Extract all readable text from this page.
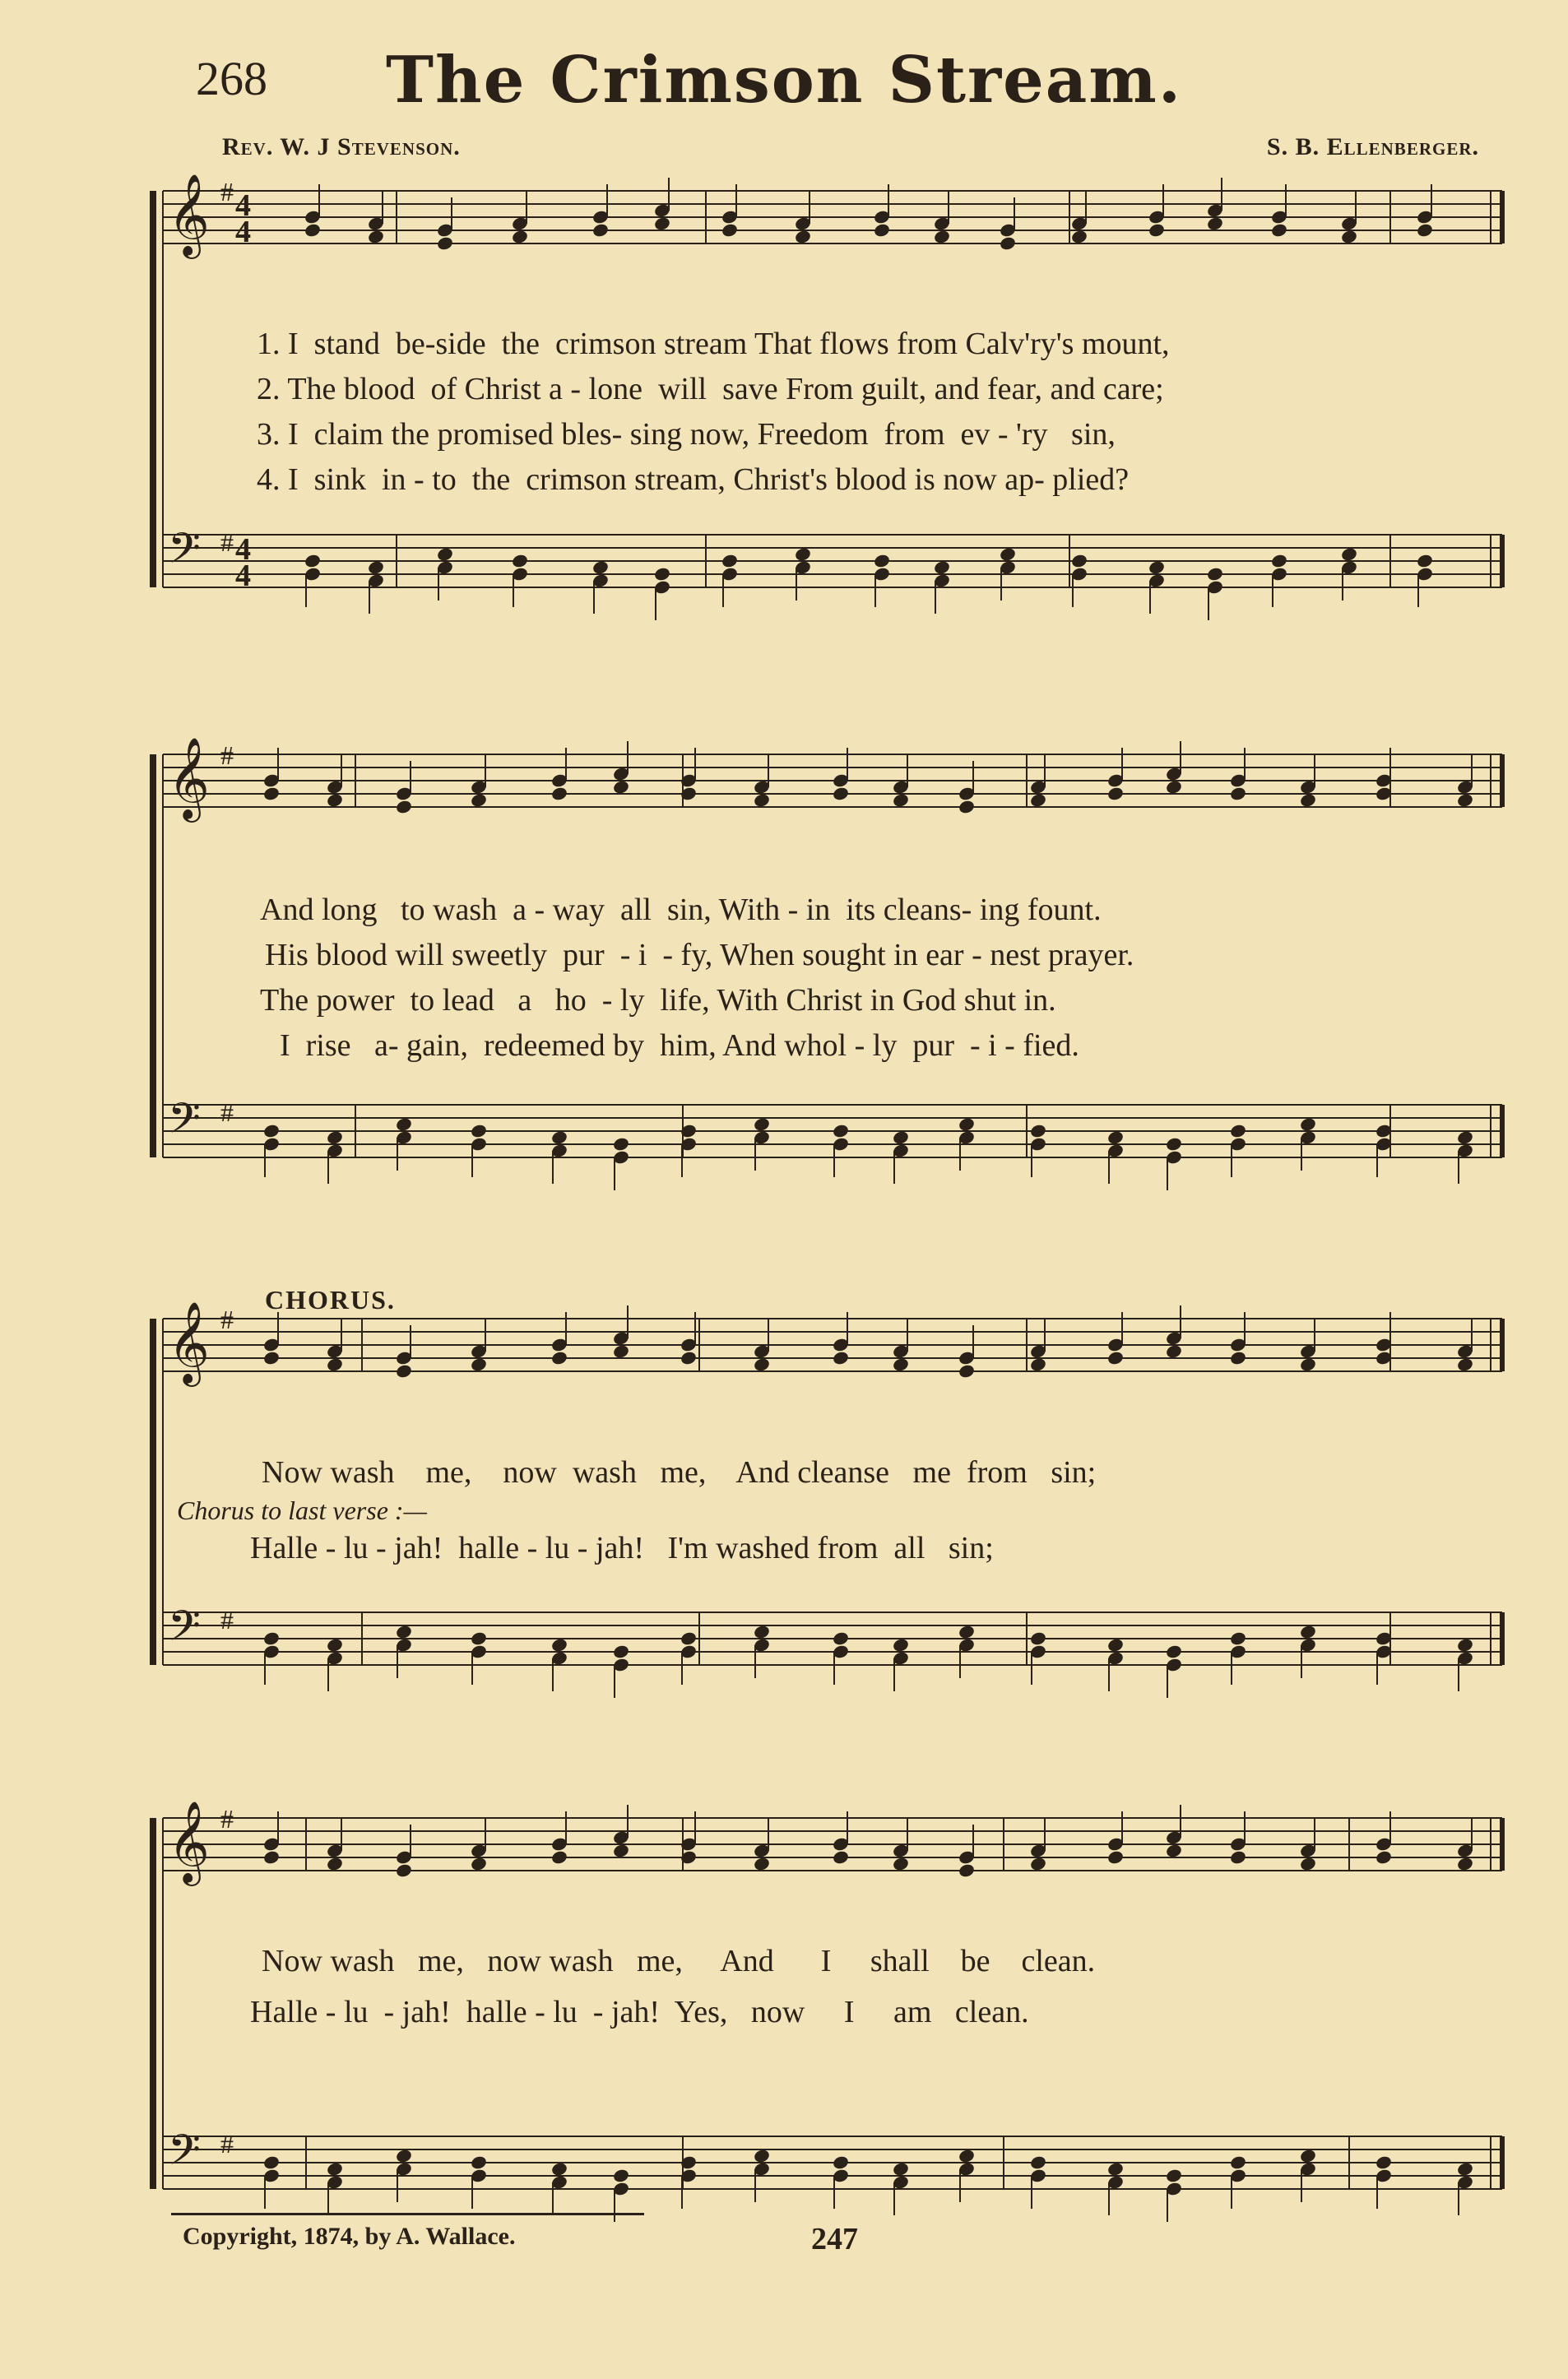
268	The Crimson Stream.
Rev. W. J Stevenson.	S. B. Ellenberger.
𝄞
𝄢
#
#
4
4
4
4
𝄞
𝄢
#
#
𝄞
𝄢
#
#
𝄞
𝄢
#
#
1. I  stand  be-side  the  crimson stream That flows from Calv'ry's mount,
2. The blood  of Christ a - lone  will  save From guilt, and fear, and care;
3. I  claim the promised bles- sing now, Freedom  from  ev - 'ry   sin,
4. I  sink  in - to  the  crimson stream, Christ's blood is now ap- plied?
And long   to wash  a - way  all  sin, With - in  its cleans- ing fount.
His blood will sweetly  pur  - i  - fy, When sought in ear - nest prayer.
The power  to lead   a   ho  - ly  life, With Christ in God shut in.
I  rise   a- gain,  redeemed by  him, And whol - ly  pur  - i - fied.
CHORUS.
Now wash    me,    now  wash   me,    And cleanse   me  from   sin;
Chorus to last verse :—
Halle - lu - jah!  halle - lu - jah!   I'm washed from  all   sin;
Now wash   me,   now wash   me,     And      I     shall    be    clean.
Halle - lu  - jah!  halle - lu  - jah!  Yes,   now     I     am   clean.
Copyright, 1874, by A. Wallace.	247
